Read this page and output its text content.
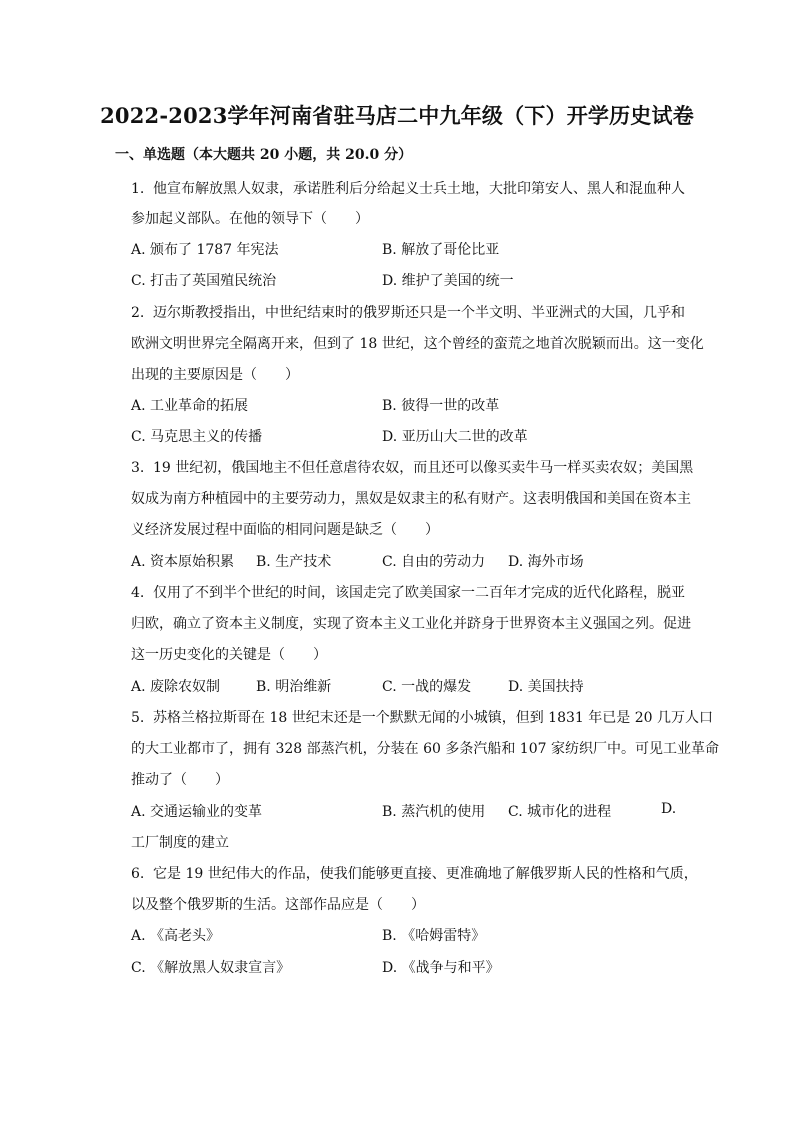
2022-2023学年河南省驻马店二中九年级（下）开学历史试卷
一、单选题（本大题共 20 小题，共 20.0 分）
1. 他宣布解放黑人奴隶，承诺胜利后分给起义士兵土地，大批印第安人、黑人和混血种人
参加起义部队。在他的领导下（　　）
A. 颁布了 1787 年宪法	B. 解放了哥伦比亚
C. 打击了英国殖民统治	D. 维护了美国的统一
2. 迈尔斯教授指出，中世纪结束时的俄罗斯还只是一个半文明、半亚洲式的大国，几乎和
欧洲文明世界完全隔离开来，但到了 18 世纪，这个曾经的蛮荒之地首次脱颖而出。这一变化
出现的主要原因是（　　）
A. 工业革命的拓展	B. 彼得一世的改革
C. 马克思主义的传播	D. 亚历山大二世的改革
3. 19 世纪初，俄国地主不但任意虐待农奴，而且还可以像买卖牛马一样买卖农奴；美国黑
奴成为南方种植园中的主要劳动力，黑奴是奴隶主的私有财产。这表明俄国和美国在资本主
义经济发展过程中面临的相同问题是缺乏（　　）
A. 资本原始积累 B. 生产技术	C. 自由的劳动力 D. 海外市场
4. 仅用了不到半个世纪的时间，该国走完了欧美国家一二百年才完成的近代化路程，脱亚
归欧，确立了资本主义制度，实现了资本主义工业化并跻身于世界资本主义强国之列。促进
这一历史变化的关键是（　　）
A. 废除农奴制	B. 明治维新	C. 一战的爆发	D. 美国扶持
5. 苏格兰格拉斯哥在 18 世纪末还是一个默默无闻的小城镇，但到 1831 年已是 20 几万人口
的大工业都市了，拥有 328 部蒸汽机，分装在 60 多条汽船和 107 家纺织厂中。可见工业革命
推动了（　　）
A. 交通运输业的变革	B. 蒸汽机的使用 C. 城市化的进程	D.
工厂制度的建立
6. 它是 19 世纪伟大的作品，使我们能够更直接、更准确地了解俄罗斯人民的性格和气质，
以及整个俄罗斯的生活。这部作品应是（　　）
A. 《高老头》	B. 《哈姆雷特》
C. 《解放黑人奴隶宣言》	D. 《战争与和平》
